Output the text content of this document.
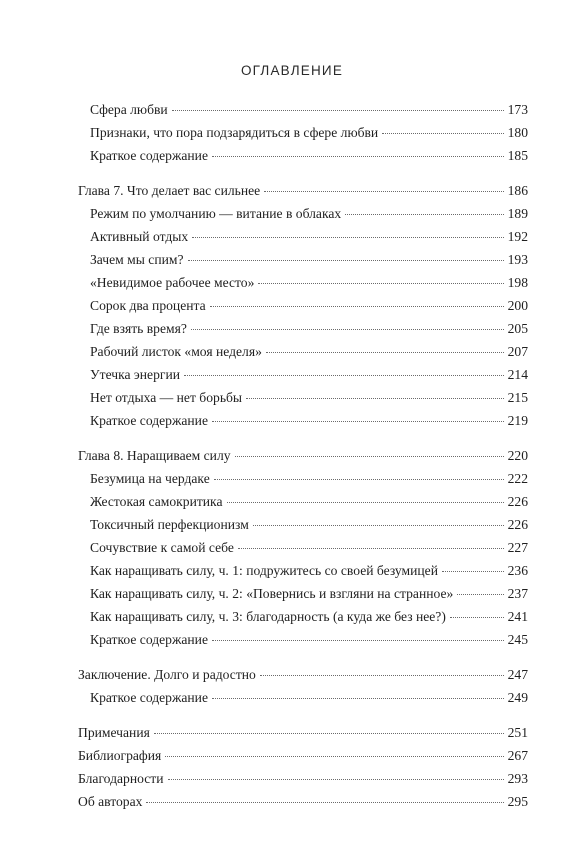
ОГЛАВЛЕНИЕ
Сфера любви	173
Признаки, что пора подзарядиться в сфере любви	180
Краткое содержание	185
Глава 7. Что делает вас сильнее	186
Режим по умолчанию — витание в облаках	189
Активный отдых	192
Зачем мы спим?	193
«Невидимое рабочее место»	198
Сорок два процента	200
Где взять время?	205
Рабочий листок «моя неделя»	207
Утечка энергии	214
Нет отдыха — нет борьбы	215
Краткое содержание	219
Глава 8. Наращиваем силу	220
Безумица на чердаке	222
Жестокая самокритика	226
Токсичный перфекционизм	226
Сочувствие к самой себе	227
Как наращивать силу, ч. 1: подружитесь со своей безумицей	236
Как наращивать силу, ч. 2: «Повернись и взгляни на странное»	237
Как наращивать силу, ч. 3: благодарность (а куда же без нее?)	241
Краткое содержание	245
Заключение. Долго и радостно	247
Краткое содержание	249
Примечания	251
Библиография	267
Благодарности	293
Об авторах	295
